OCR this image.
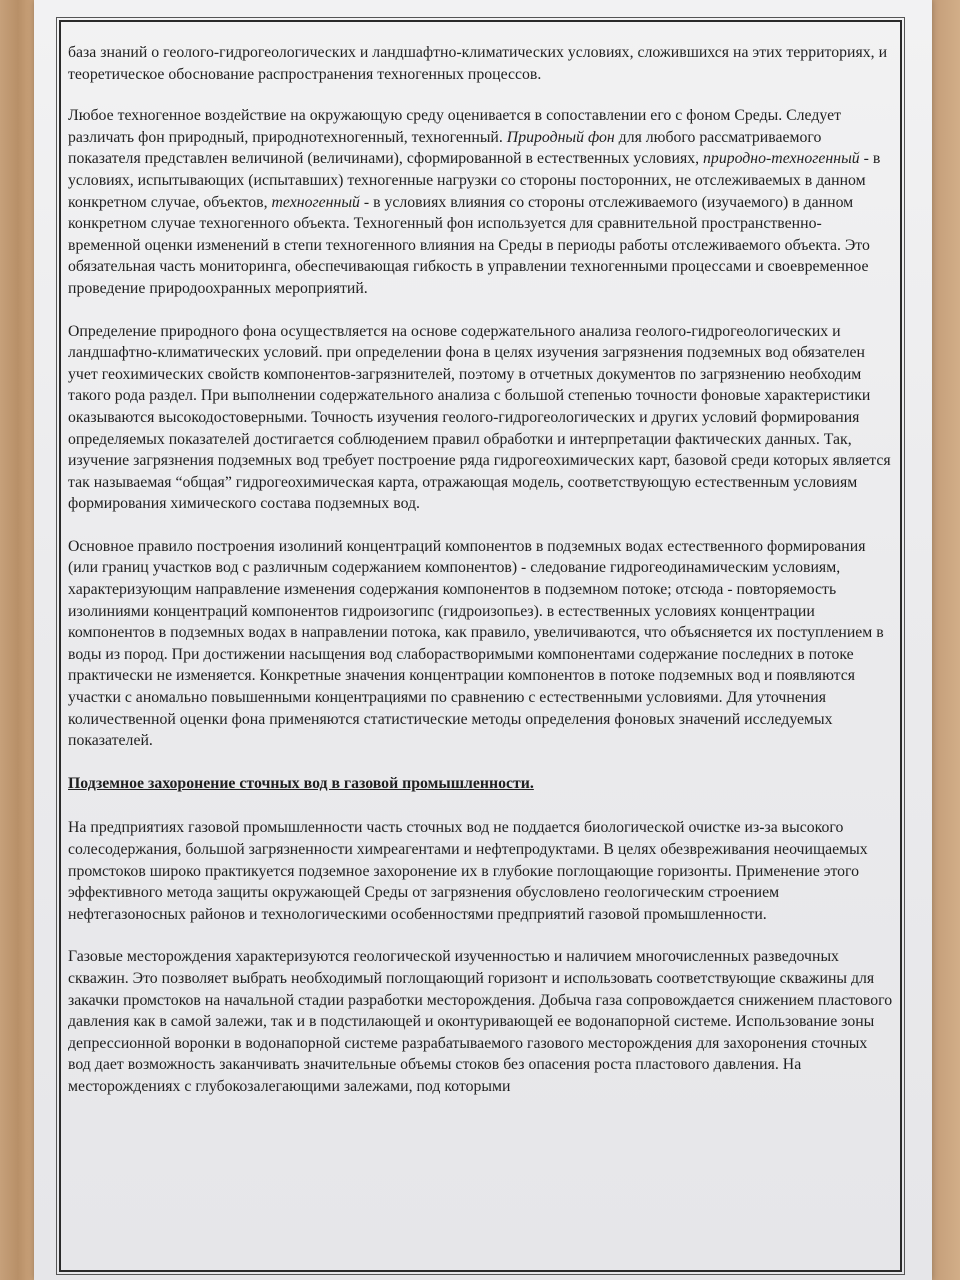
база знаний о геолого-гидрогеологических и ландшафтно-климатических условиях, сложившихся на этих территориях, и теоретическое обоснование распространения техногенных процессов.

Любое техногенное воздействие на окружающую среду оценивается в сопоставлении его с фоном Среды. Следует различать фон природный, природнотехногенный, техногенный. Природный фон для любого рассматриваемого показателя представлен величиной (величинами), сформированной в естественных условиях, природно-техногенный - в условиях, испытывающих (испытавших) техногенные нагрузки со стороны посторонних, не отслеживаемых в данном конкретном случае, объектов, техногенный - в условиях влияния со стороны отслеживаемого (изучаемого) в данном конкретном случае техногенного объекта. Техногенный фон используется для сравнительной пространственно-временной оценки изменений в степи техногенного влияния на Среды в периоды работы отслеживаемого объекта. Это обязательная часть мониторинга, обеспечивающая гибкость в управлении техногенными процессами и своевременное проведение природоохранных мероприятий.

Определение природного фона осуществляется на основе содержательного анализа геолого-гидрогеологических и ландшафтно-климатических условий. при определении фона в целях изучения загрязнения подземных вод обязателен учет геохимических свойств компонентов-загрязнителей, поэтому в отчетных документов по загрязнению необходим такого рода раздел. При выполнении содержательного анализа с большой степенью точности фоновые характеристики оказываются высокодостоверными. Точность изучения геолого-гидрогеологических и других условий формирования определяемых показателей достигается соблюдением правил обработки и интерпретации фактических данных. Так, изучение загрязнения подземных вод требует построение ряда гидрогеохимических карт, базовой среди которых является так называемая “общая” гидрогеохимическая карта, отражающая модель, соответствующую естественным условиям формирования химического состава подземных вод.

Основное правило построения изолиний концентраций компонентов в подземных водах естественного формирования (или границ участков вод с различным содержанием компонентов) - следование гидрогеодинамическим условиям, характеризующим направление изменения содержания компонентов в подземном потоке; отсюда - повторяемость изолиниями концентраций компонентов гидроизогипс (гидроизопьез). в естественных условиях концентрации компонентов в подземных водах в направлении потока, как правило, увеличиваются, что объясняется их поступлением в воды из пород. При достижении насыщения вод слаборастворимыми компонентами содержание последних в потоке практически не изменяется. Конкретные значения концентрации компонентов в потоке подземных вод и появляются участки с аномально повышенными концентрациями по сравнению с естественными условиями. Для уточнения количественной оценки фона применяются статистические методы определения фоновых значений исследуемых показателей.

Подземное захоронение сточных вод в газовой промышленности.

На предприятиях газовой промышленности часть сточных вод не поддается биологической очистке из-за высокого солесодержания, большой загрязненности химреагентами и нефтепродуктами. В целях обезвреживания неочищаемых промстоков широко практикуется подземное захоронение их в глубокие поглощающие горизонты. Применение этого эффективного метода защиты окружающей Среды от загрязнения обусловлено геологическим строением нефтегазоносных районов и технологическими особенностями предприятий газовой промышленности.

Газовые месторождения характеризуются геологической изученностью и наличием многочисленных разведочных скважин. Это позволяет выбрать необходимый поглощающий горизонт и использовать соответствующие скважины для закачки промстоков на начальной стадии разработки месторождения. Добыча газа сопровождается снижением пластового давления как в самой залежи, так и в подстилающей и оконтуривающей ее водонапорной системе. Использование зоны депрессионной воронки в водонапорной системе разрабатываемого газового месторождения для захоронения сточных вод дает возможность заканчивать значительные объемы стоков без опасения роста пластового давления. На месторождениях с глубокозалегающими залежами, под которыми
